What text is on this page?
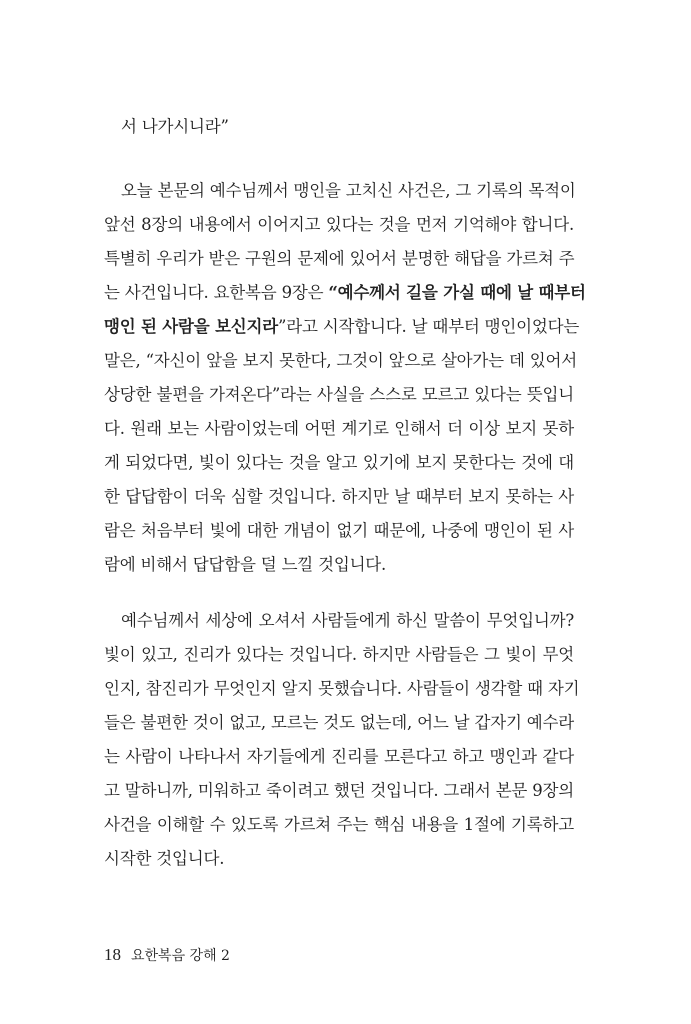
서 나가시니라”
오늘 본문의 예수님께서 맹인을 고치신 사건은, 그 기록의 목적이
앞선 8장의 내용에서 이어지고 있다는 것을 먼저 기억해야 합니다.
특별히 우리가 받은 구원의 문제에 있어서 분명한 해답을 가르쳐 주
는 사건입니다. 요한복음 9장은 “예수께서 길을 가실 때에 날 때부터
맹인 된 사람을 보신지라”라고 시작합니다. 날 때부터 맹인이었다는
말은, “자신이 앞을 보지 못한다, 그것이 앞으로 살아가는 데 있어서
상당한 불편을 가져온다”라는 사실을 스스로 모르고 있다는 뜻입니
다. 원래 보는 사람이었는데 어떤 계기로 인해서 더 이상 보지 못하
게 되었다면, 빛이 있다는 것을 알고 있기에 보지 못한다는 것에 대
한 답답함이 더욱 심할 것입니다. 하지만 날 때부터 보지 못하는 사
람은 처음부터 빛에 대한 개념이 없기 때문에, 나중에 맹인이 된 사
람에 비해서 답답함을 덜 느낄 것입니다.
예수님께서 세상에 오셔서 사람들에게 하신 말씀이 무엇입니까?
빛이 있고, 진리가 있다는 것입니다. 하지만 사람들은 그 빛이 무엇
인지, 참진리가 무엇인지 알지 못했습니다. 사람들이 생각할 때 자기
들은 불편한 것이 없고, 모르는 것도 없는데, 어느 날 갑자기 예수라
는 사람이 나타나서 자기들에게 진리를 모른다고 하고 맹인과 같다
고 말하니까, 미워하고 죽이려고 했던 것입니다. 그래서 본문 9장의
사건을 이해할 수 있도록 가르쳐 주는 핵심 내용을 1절에 기록하고
시작한 것입니다.
18 요한복음 강해 2
